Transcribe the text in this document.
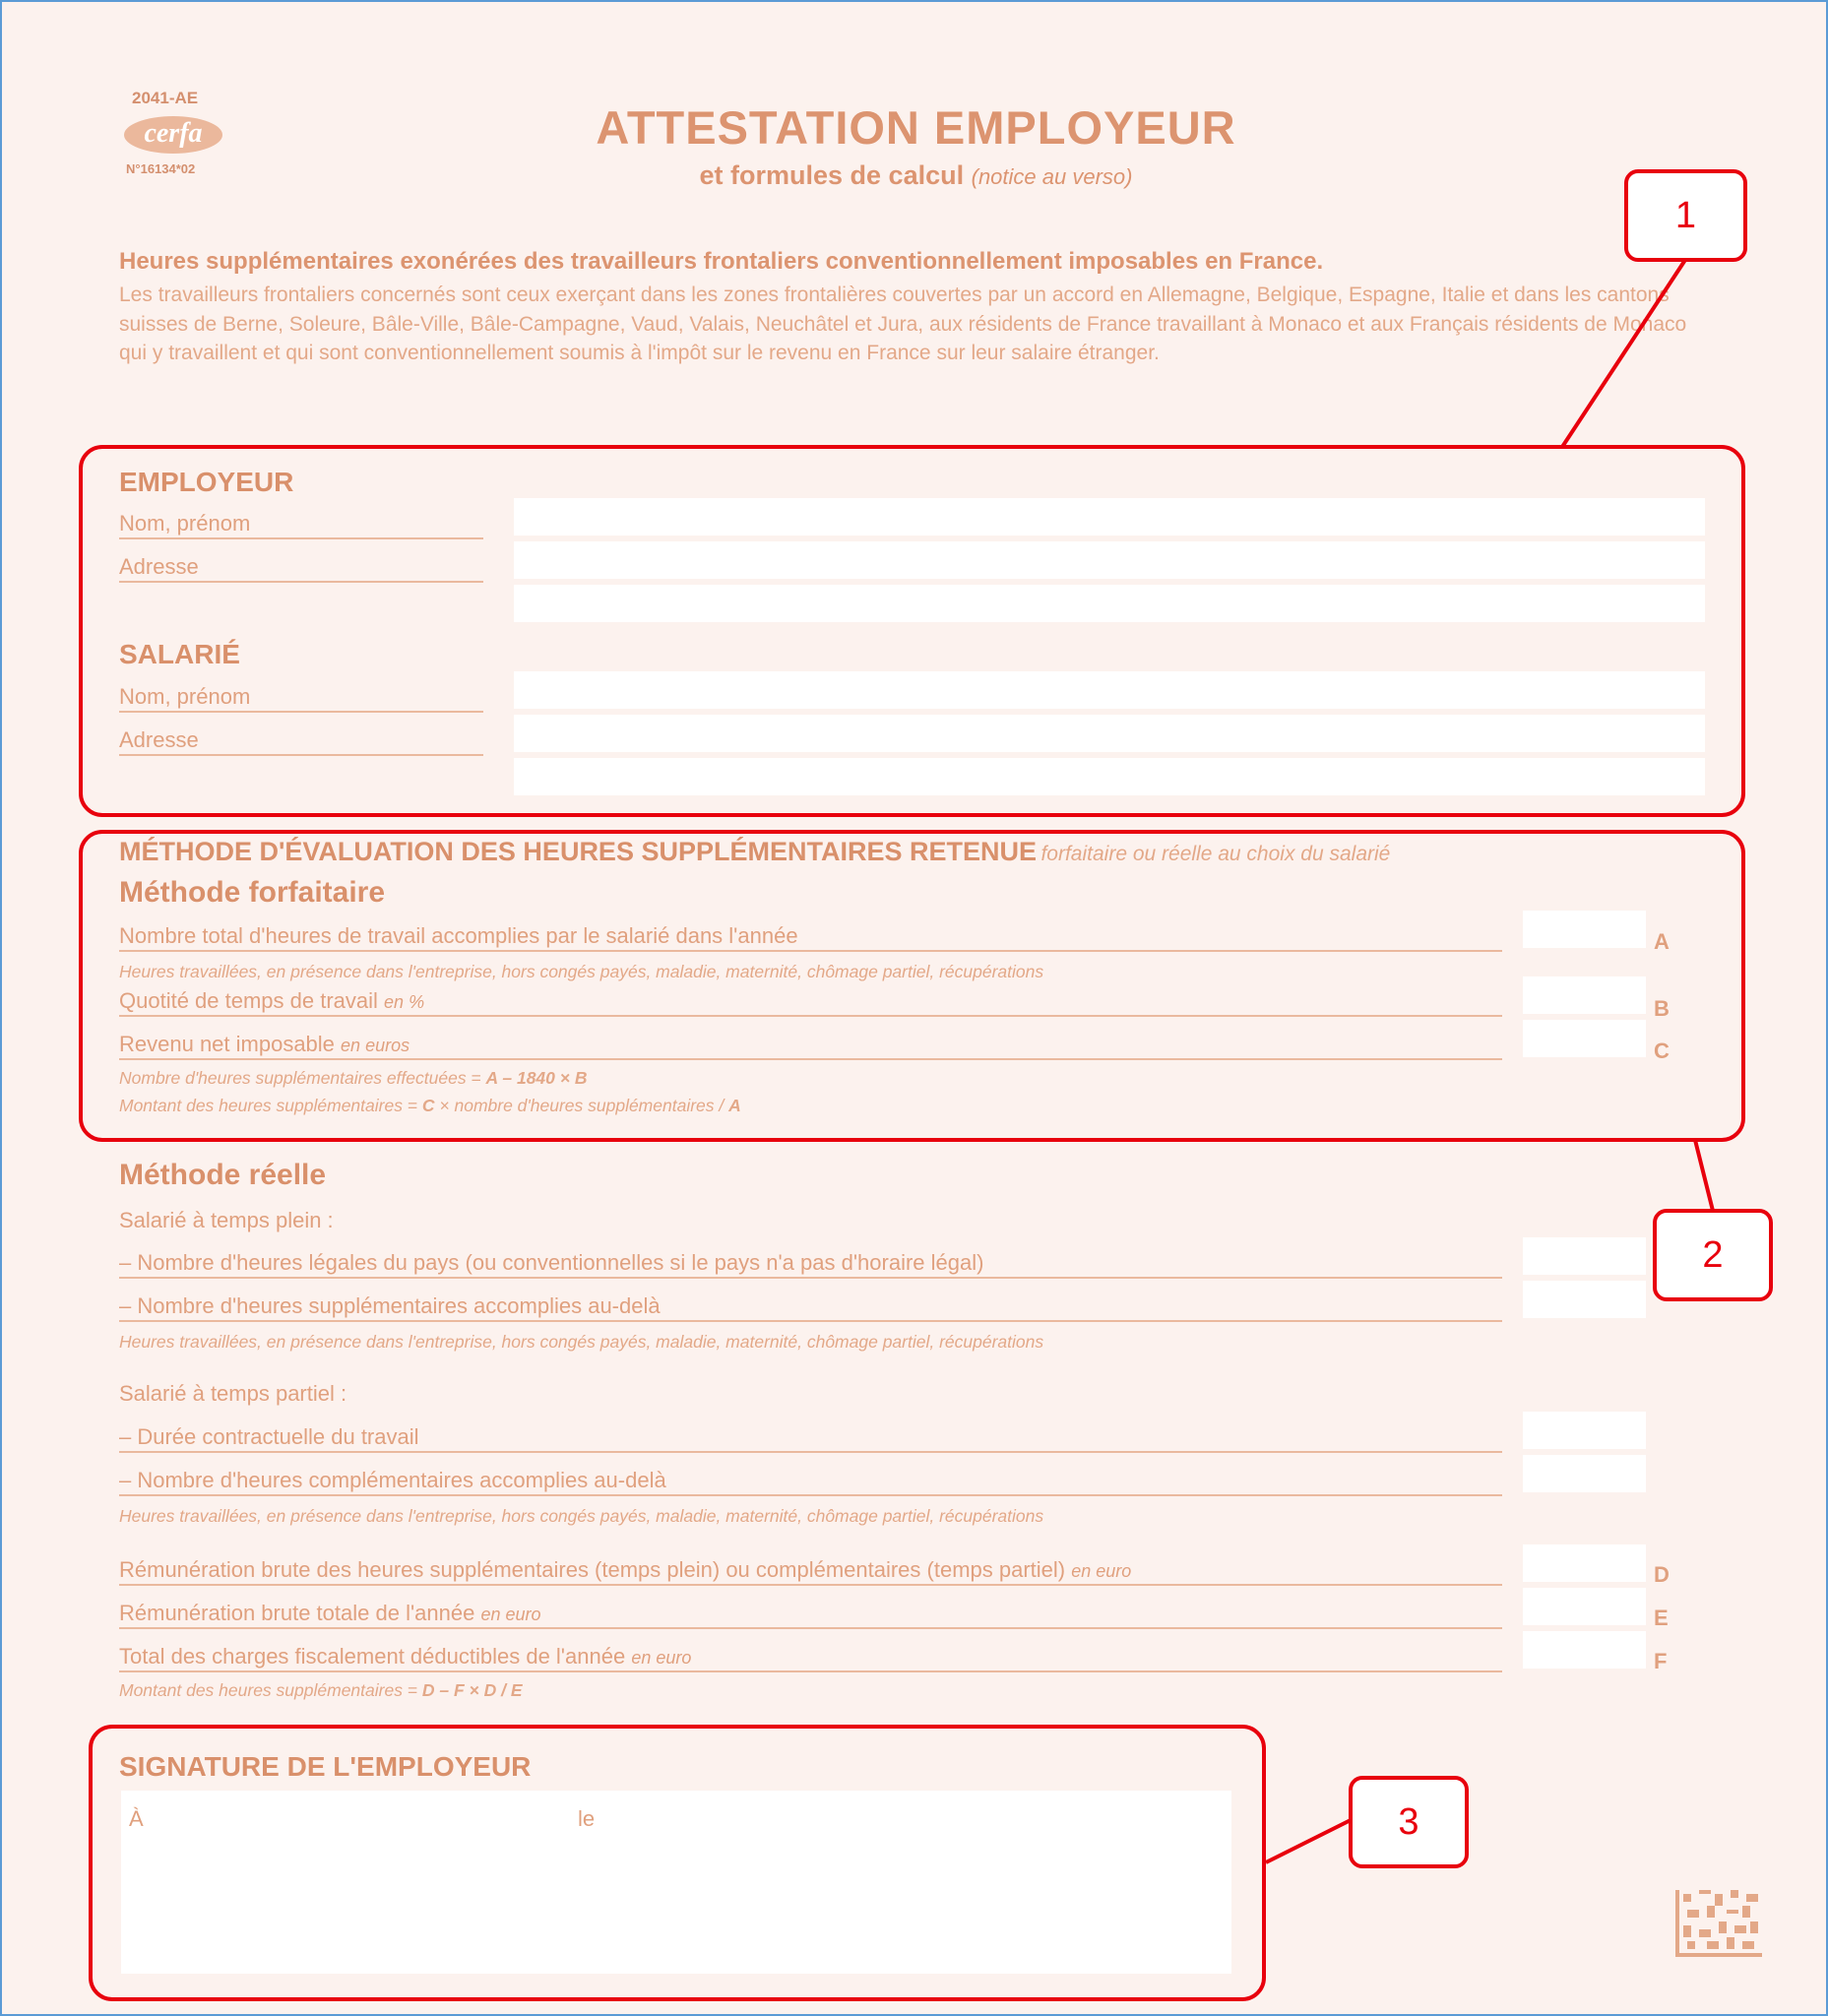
2041-AE
cerfa
N°16134*02
ATTESTATION EMPLOYEUR
et formules de calcul (notice au verso)
Heures supplémentaires exonérées des travailleurs frontaliers conventionnellement imposables en France.
Les travailleurs frontaliers concernés sont ceux exerçant dans les zones frontalières couvertes par un accord en Allemagne, Belgique, Espagne, Italie et dans les cantons suisses de Berne, Soleure, Bâle-Ville, Bâle-Campagne, Vaud, Valais, Neuchâtel et Jura, aux résidents de France travaillant à Monaco et aux Français résidents de Monaco qui y travaillent et qui sont conventionnellement soumis à l'impôt sur le revenu en France sur leur salaire étranger.
EMPLOYEUR
Nom, prénom
Adresse
SALARIÉ
Nom, prénom
Adresse
MÉTHODE D'ÉVALUATION DES HEURES SUPPLÉMENTAIRES RETENUE forfaitaire ou réelle au choix du salarié
Méthode forfaitaire
Nombre total d'heures de travail accomplies par le salarié dans l'année	A
Heures travaillées, en présence dans l'entreprise, hors congés payés, maladie, maternité, chômage partiel, récupérations
Quotité de temps de travail en %	B
Revenu net imposable en euros	C
Nombre d'heures supplémentaires effectuées = A – 1840 × B
Montant des heures supplémentaires = C × nombre d'heures supplémentaires / A
Méthode réelle
Salarié à temps plein :
– Nombre d'heures légales du pays (ou conventionnelles si le pays n'a pas d'horaire légal)
– Nombre d'heures supplémentaires accomplies au-delà
Heures travaillées, en présence dans l'entreprise, hors congés payés, maladie, maternité, chômage partiel, récupérations
Salarié à temps partiel :
– Durée contractuelle du travail
– Nombre d'heures complémentaires accomplies au-delà
Heures travaillées, en présence dans l'entreprise, hors congés payés, maladie, maternité, chômage partiel, récupérations
Rémunération brute des heures supplémentaires (temps plein) ou complémentaires (temps partiel) en euro	D
Rémunération brute totale de l'année en euro	E
Total des charges fiscalement déductibles de l'année en euro	F
Montant des heures supplémentaires = D – F × D / E
SIGNATURE DE L'EMPLOYEUR
À	le
1
2
3
